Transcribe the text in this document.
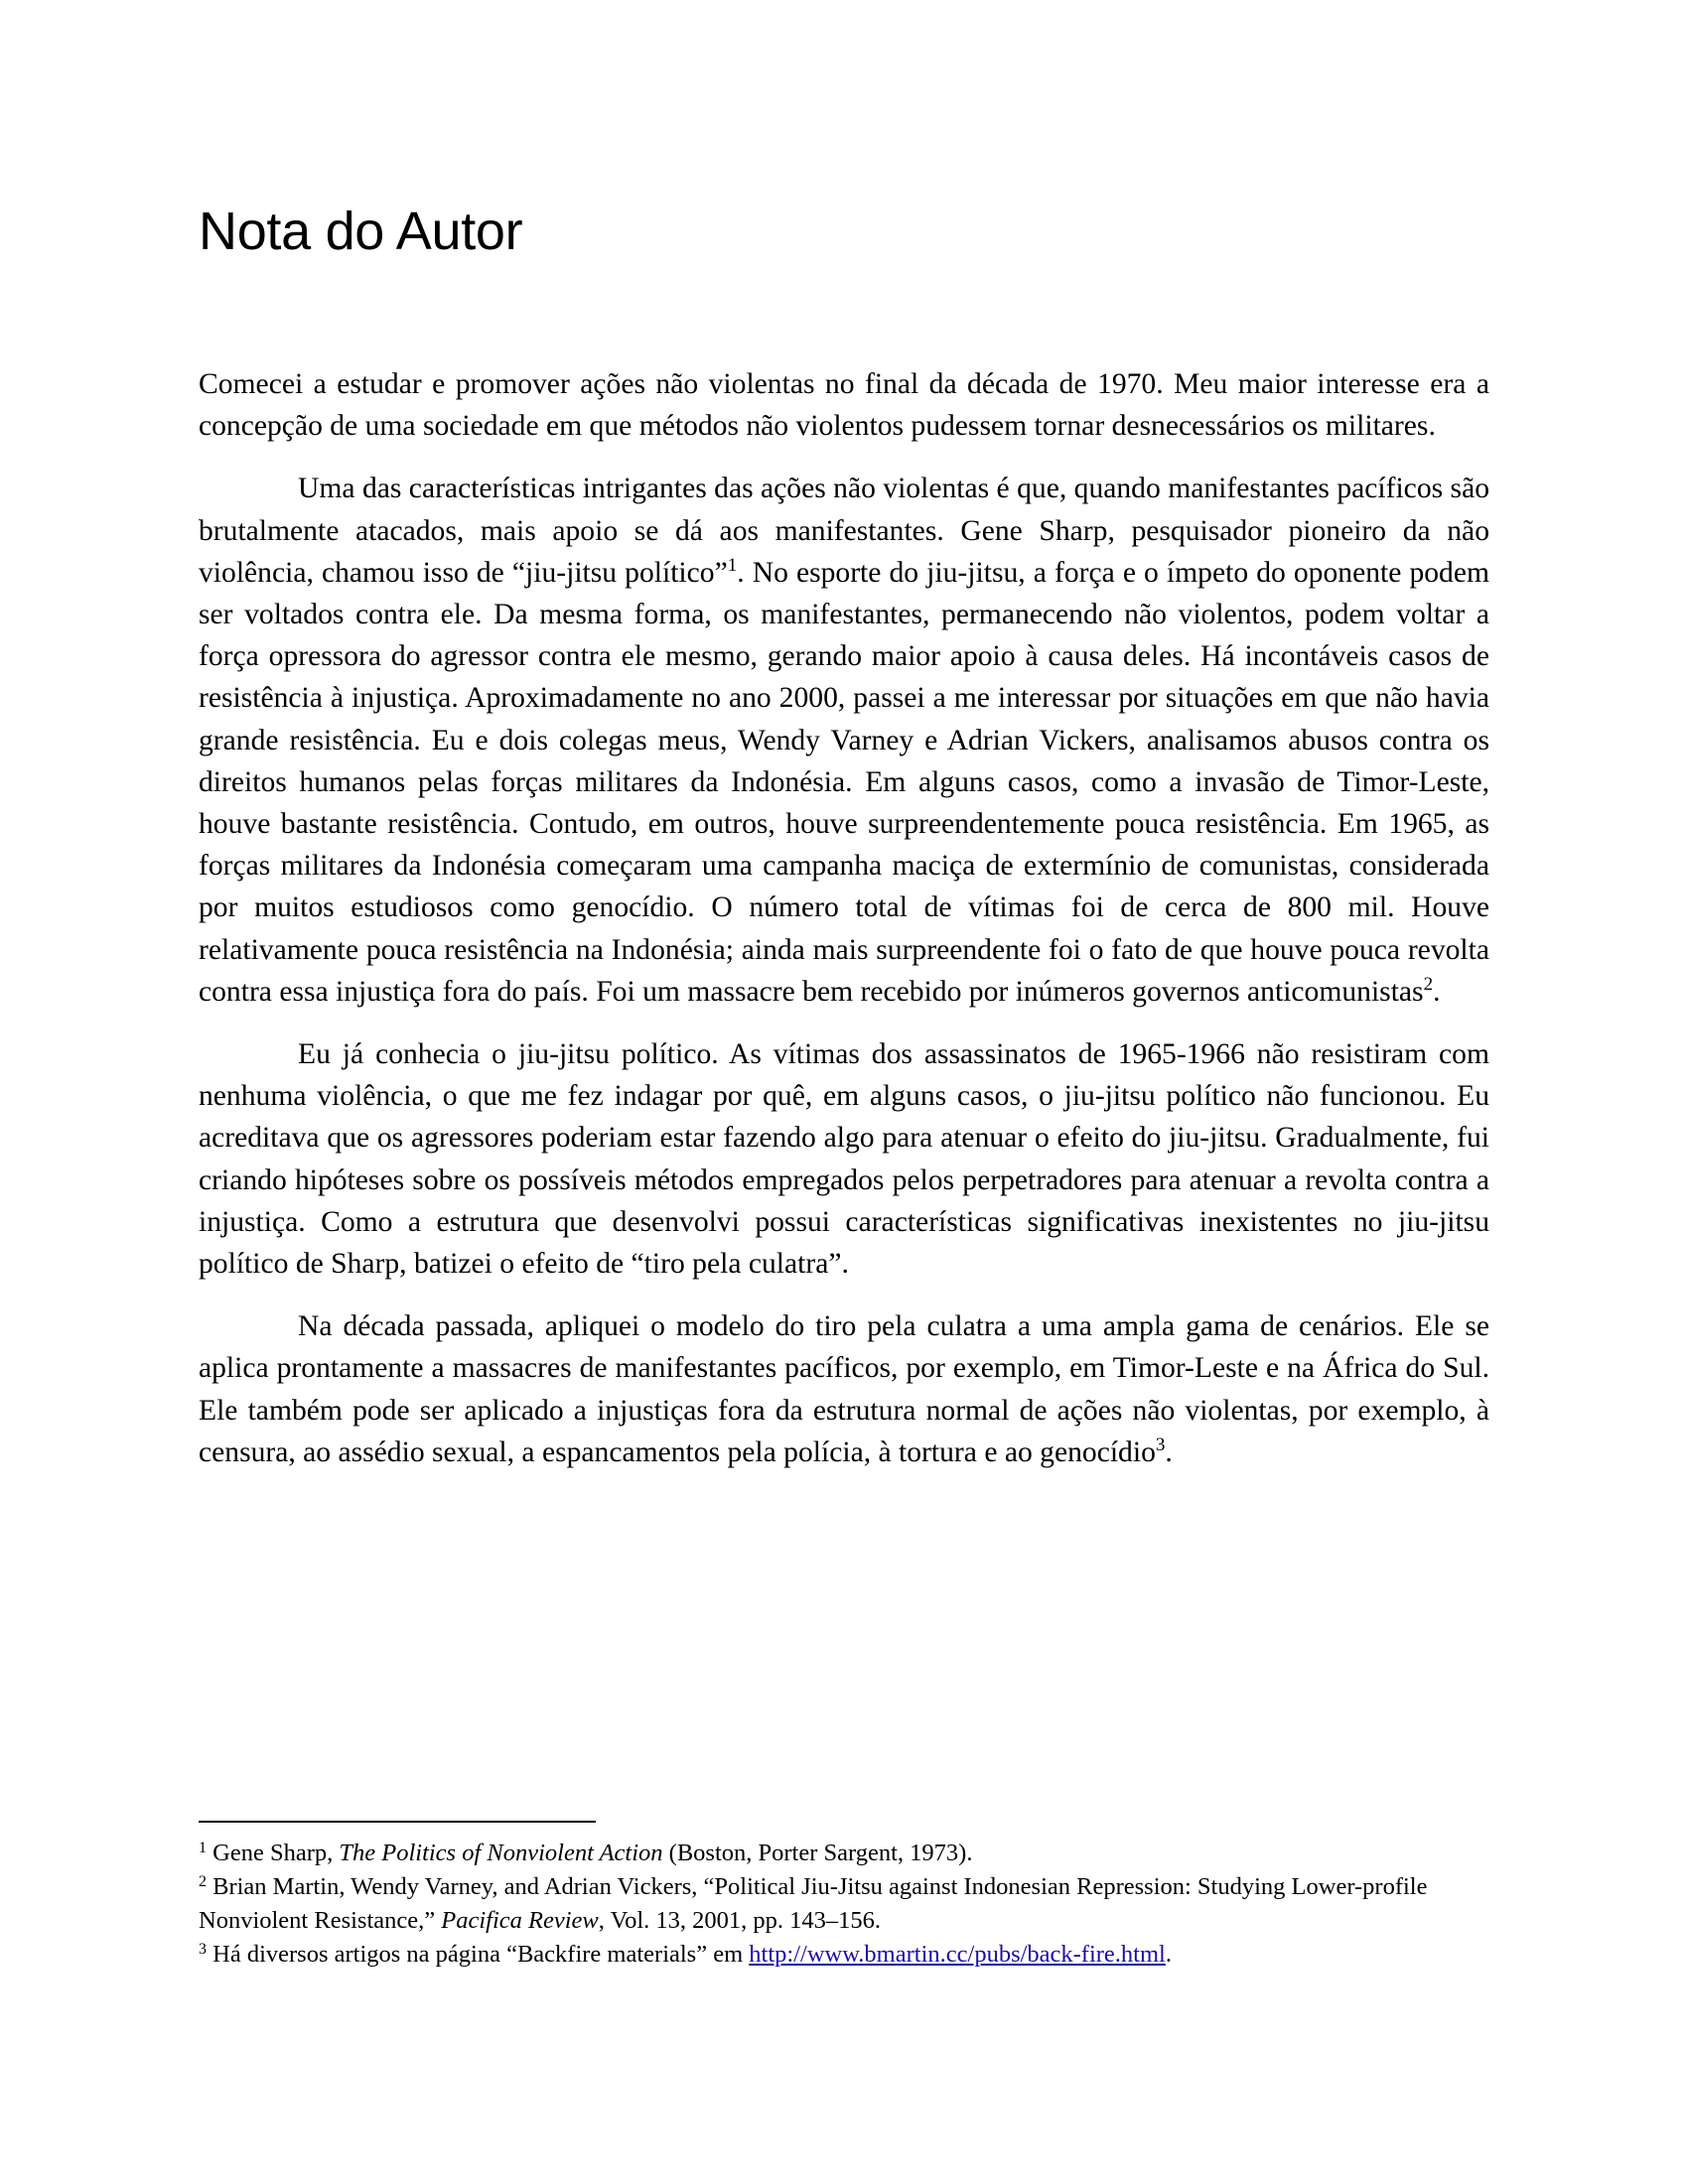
Nota do Autor

Comecei a estudar e promover ações não violentas no final da década de 1970. Meu maior interesse era a concepção de uma sociedade em que métodos não violentos pudessem tornar desnecessários os militares.

Uma das características intrigantes das ações não violentas é que, quando manifestantes pacíficos são brutalmente atacados, mais apoio se dá aos manifestantes. Gene Sharp, pesquisador pioneiro da não violência, chamou isso de “jiu-jitsu político”$^1$. No esporte do jiu-jitsu, a força e o ímpeto do oponente podem ser voltados contra ele. Da mesma forma, os manifestantes, permanecendo não violentos, podem voltar a força opressora do agressor contra ele mesmo, gerando maior apoio à causa deles. Há incontáveis casos de resistência à injustiça. Aproximadamente no ano 2000, passei a me interessar por situações em que não havia grande resistência. Eu e dois colegas meus, Wendy Varney e Adrian Vickers, analisamos abusos contra os direitos humanos pelas forças militares da Indonésia. Em alguns casos, como a invasão de Timor-Leste, houve bastante resistência. Contudo, em outros, houve surpreendentemente pouca resistência. Em 1965, as forças militares da Indonésia começaram uma campanha maciça de extermínio de comunistas, considerada por muitos estudiosos como genocídio. O número total de vítimas foi de cerca de 800 mil. Houve relativamente pouca resistência na Indonésia; ainda mais surpreendente foi o fato de que houve pouca revolta contra essa injustiça fora do país. Foi um massacre bem recebido por inúmeros governos anticomunistas$^2$.

Eu já conhecia o jiu-jitsu político. As vítimas dos assassinatos de 1965-1966 não resistiram com nenhuma violência, o que me fez indagar por quê, em alguns casos, o jiu-jitsu político não funcionou. Eu acreditava que os agressores poderiam estar fazendo algo para atenuar o efeito do jiu-jitsu. Gradualmente, fui criando hipóteses sobre os possíveis métodos empregados pelos perpetradores para atenuar a revolta contra a injustiça. Como a estrutura que desenvolvi possui características significativas inexistentes no jiu-jitsu político de Sharp, batizei o efeito de “tiro pela culatra”.

Na década passada, apliquei o modelo do tiro pela culatra a uma ampla gama de cenários. Ele se aplica prontamente a massacres de manifestantes pacíficos, por exemplo, em Timor-Leste e na África do Sul. Ele também pode ser aplicado a injustiças fora da estrutura normal de ações não violentas, por exemplo, à censura, ao assédio sexual, a espancamentos pela polícia, à tortura e ao genocídio$^3$.

$^1$ Gene Sharp, The Politics of Nonviolent Action (Boston, Porter Sargent, 1973).

$^2$ Brian Martin, Wendy Varney, and Adrian Vickers, “Political Jiu-Jitsu against Indonesian Repression: Studying Lower-profile Nonviolent Resistance,” Pacifica Review, Vol. 13, 2001, pp. 143–156.

$^3$ Há diversos artigos na página “Backfire materials” em http://www.bmartin.cc/pubs/back-fire.html.
